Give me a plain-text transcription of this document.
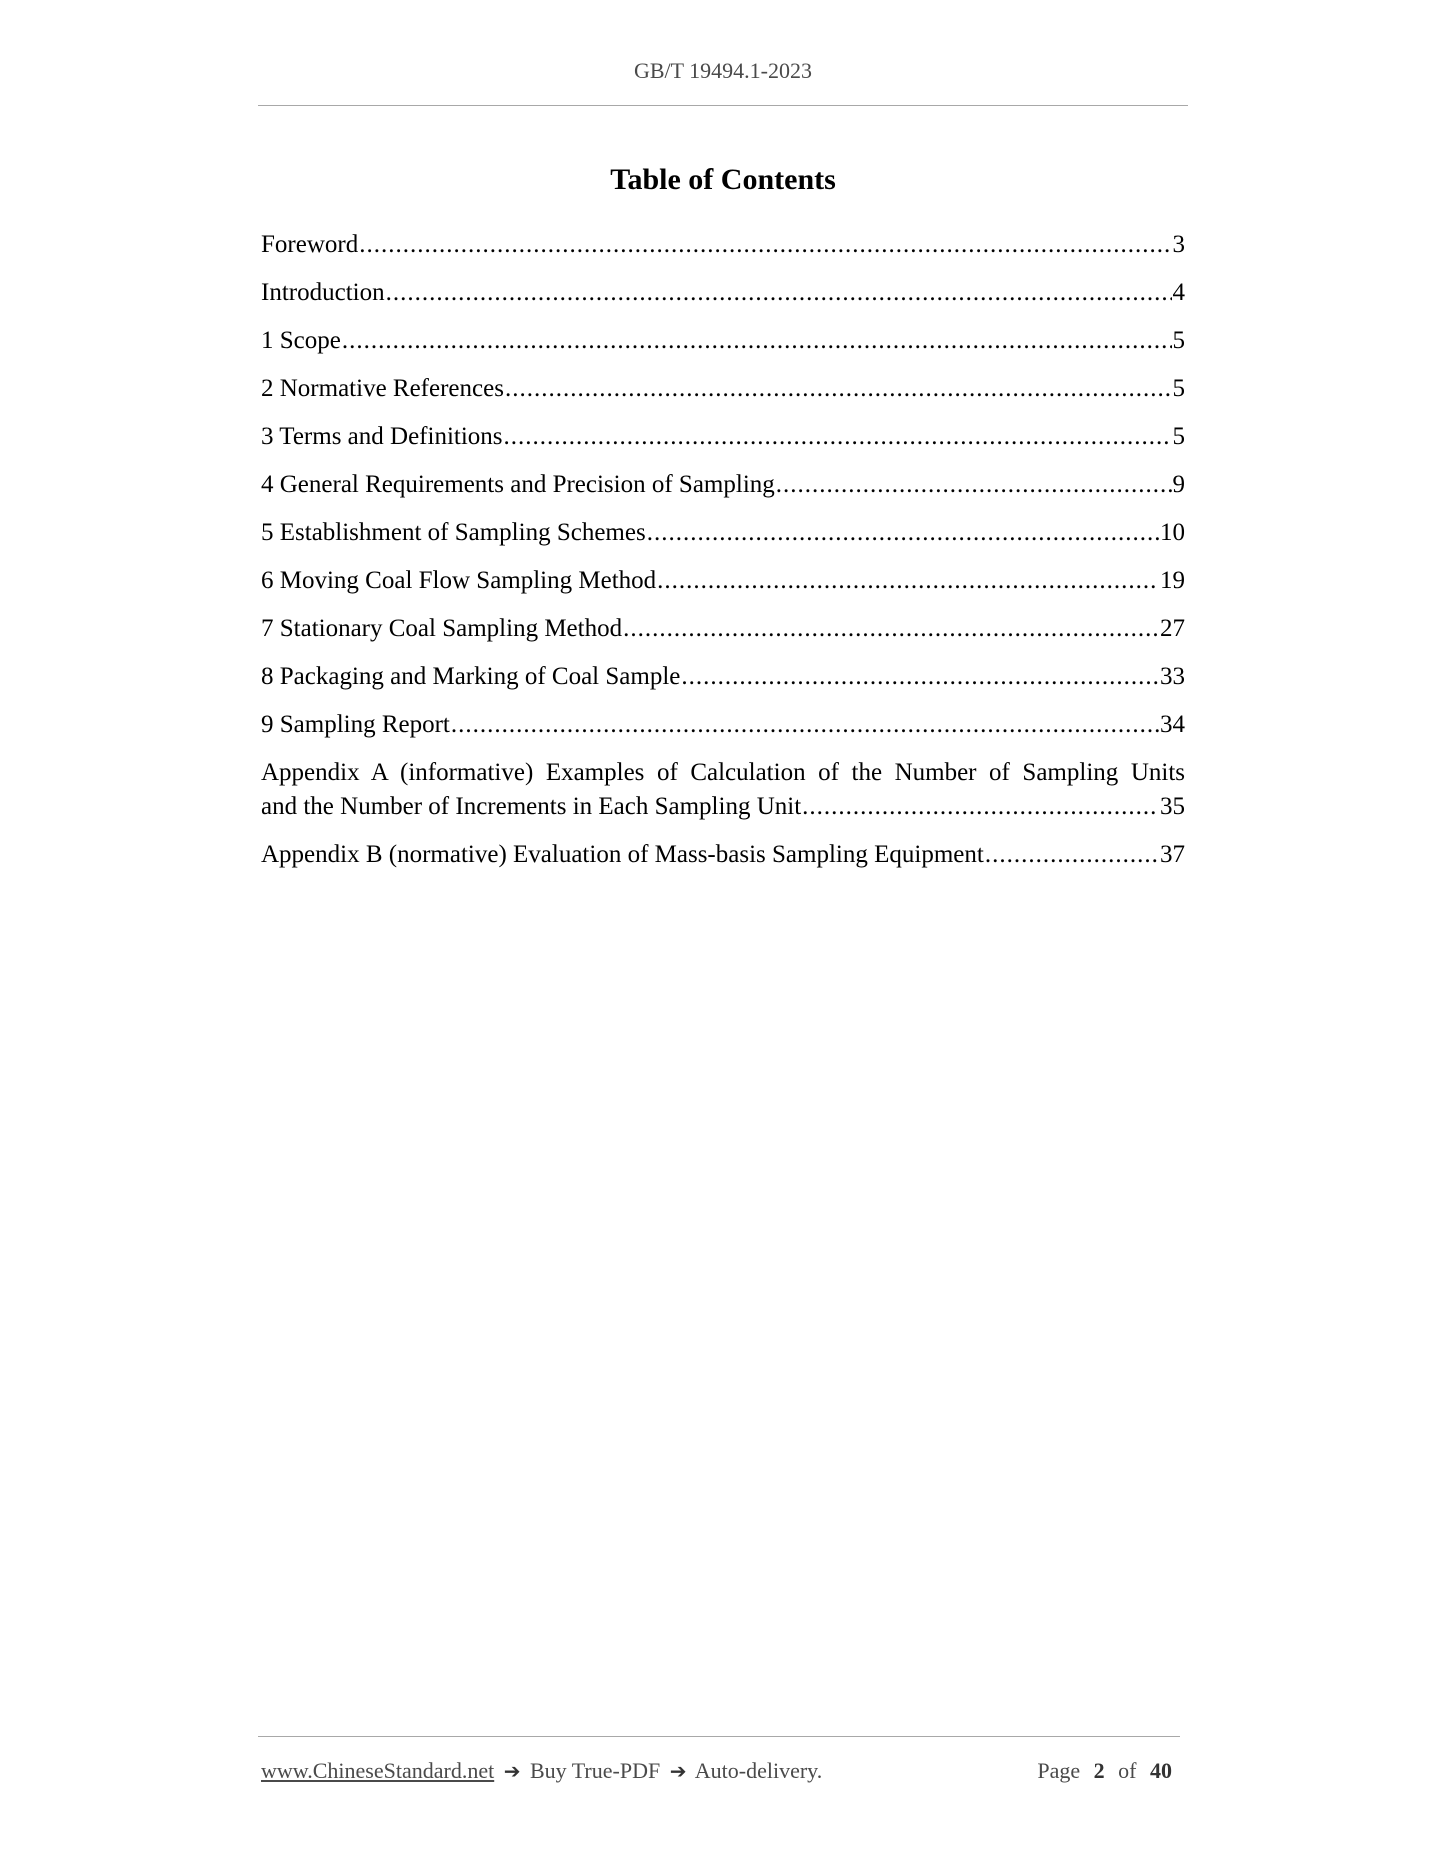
GB/T 19494.1-2023
Table of Contents
Foreword .....	3
Introduction .....	4
1 Scope .....	5
2 Normative References .....	5
3 Terms and Definitions .....	5
4 General Requirements and Precision of Sampling .....	9
5 Establishment of Sampling Schemes .....	10
6 Moving Coal Flow Sampling Method .....	19
7 Stationary Coal Sampling Method .....	27
8 Packaging and Marking of Coal Sample .....	33
9 Sampling Report .....	34
Appendix A (informative) Examples of Calculation of the Number of Sampling Units
and the Number of Increments in Each Sampling Unit .....	35
Appendix B (normative) Evaluation of Mass-basis Sampling Equipment .....	37
www.ChineseStandard.net ➔ Buy True-PDF ➔ Auto-delivery.	Page 2 of 40
